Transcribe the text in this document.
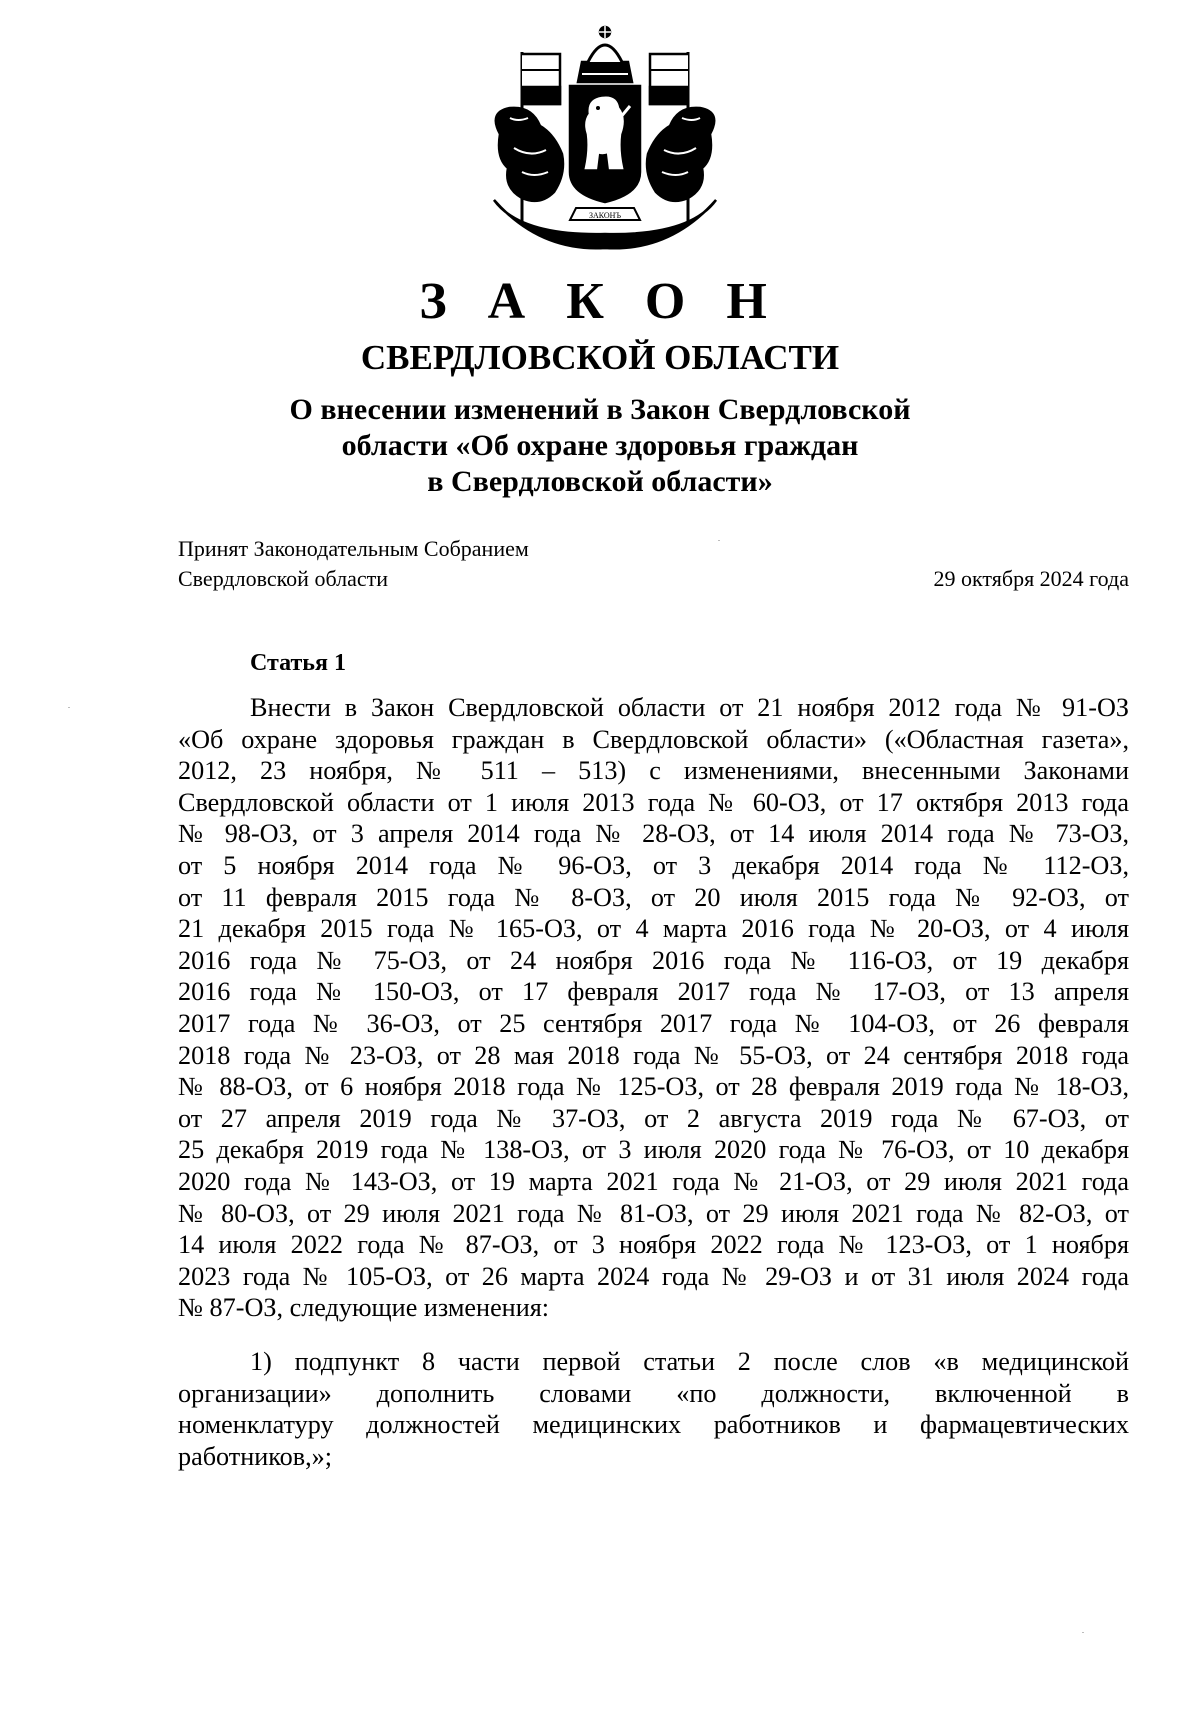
ЗАКОНЪ
З А К О Н
СВЕРДЛОВСКОЙ ОБЛАСТИ
О внесении изменений в Закон Свердловской
области «Об охране здоровья граждан
в Свердловской области»
Принят Законодательным Собранием
Свердловской области	29 октября 2024 года
Статья 1
Внести в Закон Свердловской области от 21 ноября 2012 года № 91-ОЗ
«Об охране здоровья граждан в Свердловской области» («Областная газета»,
2012, 23 ноября, № 511 – 513) с изменениями, внесенными Законами
Свердловской области от 1 июля 2013 года № 60-ОЗ, от 17 октября 2013 года
№ 98-ОЗ, от 3 апреля 2014 года № 28-ОЗ, от 14 июля 2014 года № 73-ОЗ,
от 5 ноября 2014 года № 96-ОЗ, от 3 декабря 2014 года № 112-ОЗ,
от 11 февраля 2015 года № 8-ОЗ, от 20 июля 2015 года № 92-ОЗ, от
21 декабря 2015 года № 165-ОЗ, от 4 марта 2016 года № 20-ОЗ, от 4 июля
2016 года № 75-ОЗ, от 24 ноября 2016 года № 116-ОЗ, от 19 декабря
2016 года № 150-ОЗ, от 17 февраля 2017 года № 17-ОЗ, от 13 апреля
2017 года № 36-ОЗ, от 25 сентября 2017 года № 104-ОЗ, от 26 февраля
2018 года № 23-ОЗ, от 28 мая 2018 года № 55-ОЗ, от 24 сентября 2018 года
№ 88-ОЗ, от 6 ноября 2018 года № 125-ОЗ, от 28 февраля 2019 года № 18-ОЗ,
от 27 апреля 2019 года № 37-ОЗ, от 2 августа 2019 года № 67-ОЗ, от
25 декабря 2019 года № 138-ОЗ, от 3 июля 2020 года № 76-ОЗ, от 10 декабря
2020 года № 143-ОЗ, от 19 марта 2021 года № 21-ОЗ, от 29 июля 2021 года
№ 80-ОЗ, от 29 июля 2021 года № 81-ОЗ, от 29 июля 2021 года № 82-ОЗ, от
14 июля 2022 года № 87-ОЗ, от 3 ноября 2022 года № 123-ОЗ, от 1 ноября
2023 года № 105-ОЗ, от 26 марта 2024 года № 29-ОЗ и от 31 июля 2024 года
№ 87-ОЗ, следующие изменения:
1) подпункт 8 части первой статьи 2 после слов «в медицинской
организации» дополнить словами «по должности, включенной в
номенклатуру должностей медицинских работников и фармацевтических
работников,»;
